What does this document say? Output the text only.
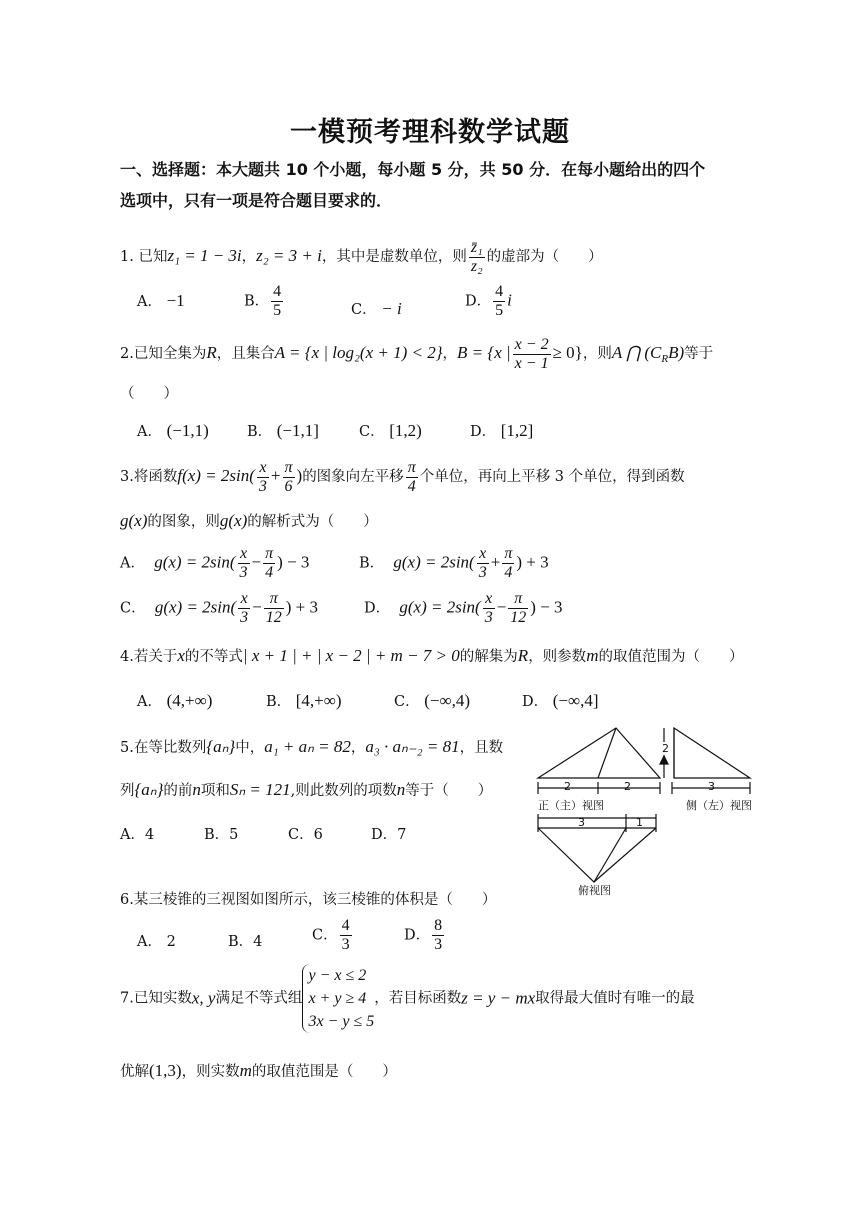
一模预考理科数学试题
一、选择题：本大题共 10 个小题，每小题 5 分，共 50 分．在每小题给出的四个
选项中，只有一项是符合题目要求的．
1. 已知z₁ = 1 − 3i，z₂ = 3 + i，其中是虚数单位，则 $\frac{\text{z̄₁}}{\text{z₂}}$ 的虚部为（　　）
A． −1	B． $\frac{4}{5}$	C． − i	D． $\frac{4}{5}$ i
2.已知全集为R，且集合A = {x | log₂(x + 1) < 2}，B = {x | $\frac{x - 2}{x - 1} \ge 0$}，则A ⋂ $(C_RB)$等于
（　　）
A． (−1,1)	B． (−1,1]	C． [1,2)	D． [1,2]
3.将函数$f(x) = 2\sin( \frac{x}{3} + \frac{\pi}{6}$ )的图象向左平移 $\frac{\pi}{4}$ 个单位，再向上平移 3 个单位，得到函数
g(x)的图象，则g(x)的解析式为（　　）
A． $g(x) = 2\sin( \frac{x}{3} - \frac{\pi}{4}$ ) − 3	B． $g(x) = 2\sin( \frac{x}{3} + \frac{\pi}{4}$ ) + 3
C． $g(x) = 2\sin( \frac{x}{3} - \frac{\pi}{12}$ ) + 3	D． $g(x) = 2\sin( \frac{x}{3} - \frac{\pi}{12}$ ) − 3
4.若关于x的不等式| x + 1 | + | x − 2 | + m − 7 > 0的解集为R，则参数m的取值范围为（　　）
A． (4,+∞)	B． [4,+∞)	C． (−∞,4)	D． (−∞,4]
5.在等比数列{aₙ}中，a₁ + aₙ = 82，a₃ · aₙ₋₂ = 81，且数
列{aₙ}的前n项和Sₙ = 121,则此数列的项数n等于（　　）
A．4	B．5	C．6	D．7
2	2
2
3
正（主）视图	侧（左）视图
3	1
俯视图
6.某三棱锥的三视图如图所示，该三棱锥的体积是（　　）
A． 2	B．4	C． $\frac{4}{3}$	D． $\frac{8}{3}$
7.已知实数x, y满足不等式组
y − x ≤ 2
x + y ≥ 4
3x − y ≤ 5
，若目标函数z = y − mx取得最大值时有唯一的最
优解(1,3)，则实数m的取值范围是（　　）
